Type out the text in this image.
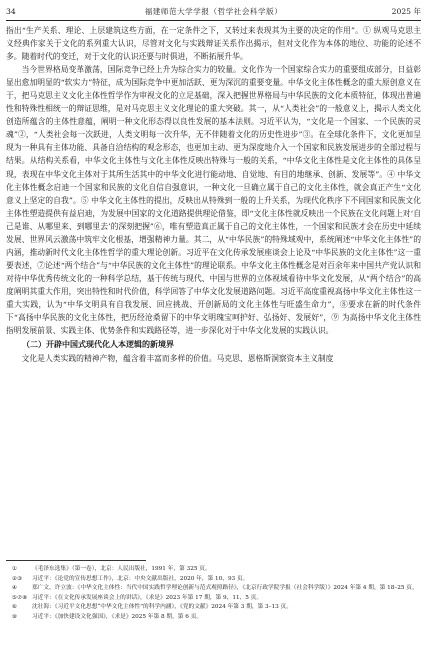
34	福建师范大学学报（哲学社会科学版）	2025 年

指出“生产关系、理论、上层建筑这些方面，在一定条件之下，又转过来表现其为主要的决定的作用”。① 纵观马克思主义经典作家关于文化的系列重大认识，尽管对文化与实践辩证关系作出揭示，但对文化作为本体的地位、功能的论述不多。随着时代的变迁，对于文化的认识还要与时俱进，不断拓展升华。

当今世界格局变革激荡，国际竞争已经上升为综合实力的较量。文化作为一个国家综合实力的重要组成部分，日益彰显出愈加明显的“软实力”特征，成为国际竞争中更加活跃、更为深沉的重要变量。中华文化主体性概念的重大原创意义在于，把马克思主义文化主体性哲学作为审视文化的立足基础，深入把握世界格局与中华民族的文化本质特征，体现出普遍性和特殊性相统一的辩证思维，是对马克思主义文化理论的重大突破。其一，从“人类社会”的一般意义上，揭示人类文化创造所蕴含的主体性意蕴，阐明一种文化形态得以良性发展的基本法则。习近平认为，“文化是一个国家、一个民族的灵魂”②，“人类社会每一次跃进，人类文明每一次升华，无不伴随着文化的历史性进步”③。在全球化条件下，文化更加呈现为一种具有主体功能、具备自洽结构的观念形态，也更加主动、更为深度地介入一个国家和民族发展进步的全部过程与结果。从结构关系看，中华文化主体性与文化主体性反映出特殊与一般的关系，“中华文化主体性是文化主体性的具体呈现，表现在中华文化主体对于其所生活其中的中华文化进行能动地、自觉地、有目的地继承、创新、发展等”。④ 中华文化主体性概念启迪一个国家和民族的文化自信自强意识，一种文化一旦确立属于自己的文化主体性，就会真正产生“文化意义上坚定的自我”。⑤ 中华文化主体性的提出，反映出从特殊到一般的上升关系，为现代化秩序下不同国家和民族文化主体性塑造提供有益启迪，为发展中国家的文化道路提供理论借鉴，即“文化主体性就反映出一个民族在文化问题上对‘自己是谁、从哪里来、到哪里去’的深刻把握”⑥，唯有塑造真正属于自己的文化主体性，一个国家和民族才会在历史中延续发展、世界风云激荡中筑牢文化根基，增强精神力量。其二，从“中华民族”的特殊域观中，系统阐述“中华文化主体性”的内涵，推动新时代文化主体性哲学的重大理论创新。习近平在文化传承发展座谈会上论及“中华民族的文化主体性”这一重要表述，⑦论述“两个结合”与“中华民族的文化主体性”的理论联系。中华文化主体性概念是对百余年来中国共产党认识和对待中华优秀传统文化的一种科学总结，基于传统与现代、中国与世界的立体视域看待中华文化发展，从“两个结合”的高度阐明其重大作用，突出特性和时代价值，科学回答了中华文化发展道路问题。习近平高度重视高扬中华文化主体性这一重大实践，认为“中华文明具有自我发展、回应挑战、开创新局的文化主体性与旺盛生命力”，⑧要求在新的时代条件下“高扬中华民族的文化主体性，把历经沧桑留下的中华文明瑰宝呵护好、弘扬好、发展好”，⑨ 为高扬中华文化主体性指明发展前景、实践主体、优势条件和实践路径等，进一步深化对于中华文化发展的实践认识。

（二）开辟中国式现代化人本逻辑的新境界

文化是人类实践的精神产物，蕴含着丰富而多样的价值。马克思、恩格斯洞察资本主义制度

①	《毛泽东选集》（第一卷），北京：人民出版社，1991 年，第 325 页。
②③	习近平：《论党的宣传思想工作》，北京：中央文献出版社，2020 年，第 10、93 页。
④	郑广文、许立波：《中华文化主体性：当代中国实践哲学理论创新与范式观照路径》，《北京行政学院学报（社会科学版）》2024 年第 4 期，第 18–25 页。
⑤⑦⑧ 习近平：《在文化传承发展座谈会上的讲话》，《求是》2023 年第 17 期，第 9、11、5 页。
⑥	沈壮海：《习近平文化思想“中华文化主体性”的科学内涵》，《党的文献》2024 年第 3 期，第 3–13 页。
⑨	习近平：《加快建设文化强国》，《求是》2025 年第 8 期，第 6 页。
